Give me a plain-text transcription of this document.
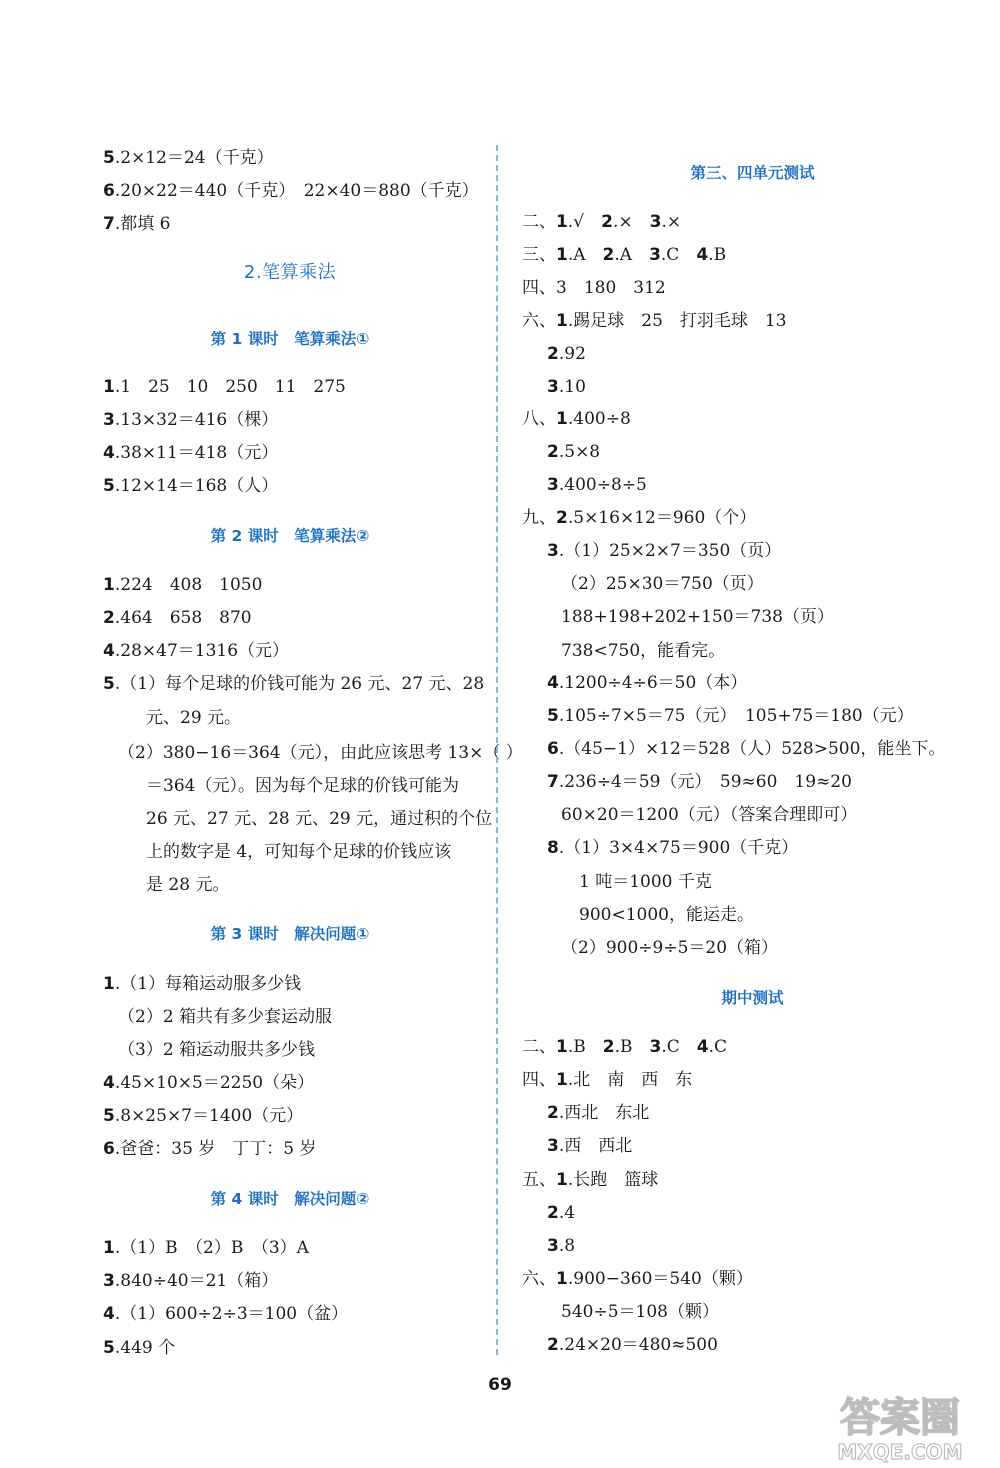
5.2×12＝24（千克）
6.20×22＝440（千克）　22×40＝880（千克）
7.都填 6
2.笔算乘法
第 1 课时　笔算乘法①
1.1　25　10　250　11　275
3.13×32＝416（棵）
4.38×11＝418（元）
5.12×14＝168（人）
第 2 课时　笔算乘法②
1.224　408　1050
2.464　658　870
4.28×47＝1316（元）
5.（1）每个足球的价钱可能为 26 元、27 元、28
元、29 元。
（2）380−16＝364（元），由此应该思考 13×（ ）
＝364（元）。因为每个足球的价钱可能为
26 元、27 元、28 元、29 元，通过积的个位
上的数字是 4，可知每个足球的价钱应该
是 28 元。
第 3 课时　解决问题①
1.（1）每箱运动服多少钱
（2）2 箱共有多少套运动服
（3）2 箱运动服共多少钱
4.45×10×5＝2250（朵）
5.8×25×7＝1400（元）
6.爸爸：35 岁　丁丁：5 岁
第 4 课时　解决问题②
1.（1）B　（2）B　（3）A
3.840÷40＝21（箱）
4.（1）600÷2÷3＝100（盆）
5.449 个
第三、四单元测试
二、1.√　2.×　3.×
三、1.A　2.A　3.C　4.B
四、3　180　312
六、1.踢足球　25　打羽毛球　13
2.92
3.10
八、1.400÷8
2.5×8
3.400÷8÷5
九、2.5×16×12＝960（个）
3.（1）25×2×7＝350（页）
（2）25×30＝750（页）
188+198+202+150＝738（页）
738<750，能看完。
4.1200÷4÷6＝50（本）
5.105÷7×5＝75（元）　105+75＝180（元）
6.（45−1）×12＝528（人）528>500，能坐下。
7.236÷4＝59（元）　59≈60　19≈20
60×20＝1200（元）（答案合理即可）
8.（1）3×4×75＝900（千克）
1 吨＝1000 千克
900<1000，能运走。
（2）900÷9÷5＝20（箱）
期中测试
二、1.B　2.B　3.C　4.C
四、1.北　南　西　东
2.西北　东北
3.西　西北
五、1.长跑　篮球
2.4
3.8
六、1.900−360＝540（颗）
540÷5＝108（颗）
2.24×20＝480≈500
69
答案圈
MXQE.COM
